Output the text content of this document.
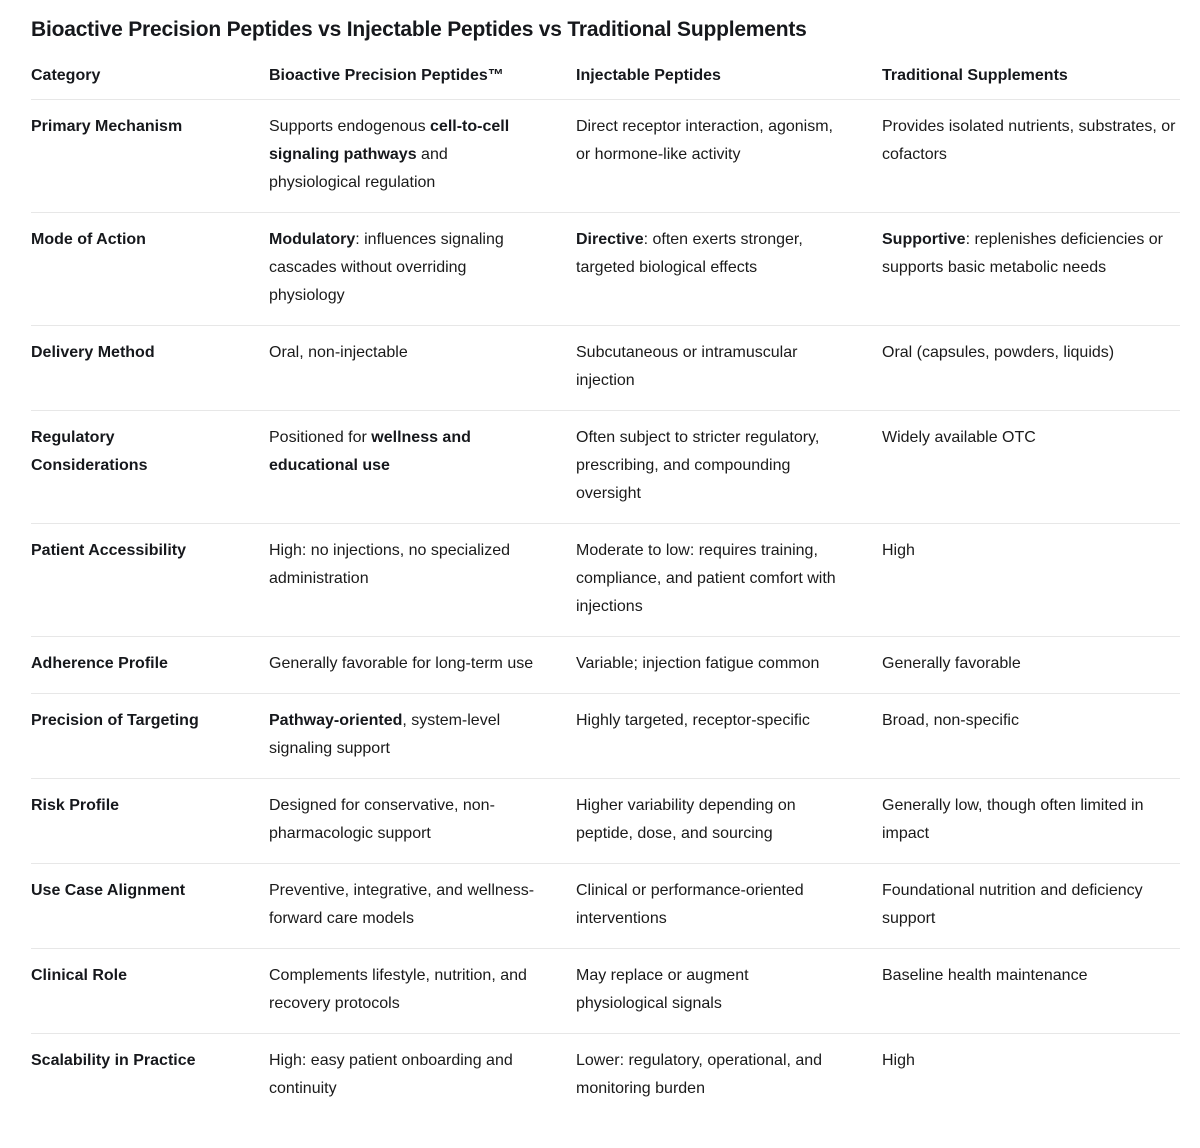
Bioactive Precision Peptides vs Injectable Peptides vs Traditional Supplements
Category	Bioactive Precision Peptides™	Injectable Peptides	Traditional Supplements
Primary Mechanism	Supports endogenous cell-to-cell signaling pathways and physiological regulation	Direct receptor interaction, agonism, or hormone-like activity	Provides isolated nutrients, substrates, or cofactors
Mode of Action	Modulatory: influences signaling cascades without overriding physiology	Directive: often exerts stronger, targeted biological effects	Supportive: replenishes deficiencies or supports basic metabolic needs
Delivery Method	Oral, non-injectable	Subcutaneous or intramuscular injection	Oral (capsules, powders, liquids)
Regulatory Considerations	Positioned for wellness and educational use	Often subject to stricter regulatory, prescribing, and compounding oversight	Widely available OTC
Patient Accessibility	High: no injections, no specialized administration	Moderate to low: requires training, compliance, and patient comfort with injections	High
Adherence Profile	Generally favorable for long-term use	Variable; injection fatigue common	Generally favorable
Precision of Targeting	Pathway-oriented, system-level signaling support	Highly targeted, receptor-specific	Broad, non-specific
Risk Profile	Designed for conservative, non-pharmacologic support	Higher variability depending on peptide, dose, and sourcing	Generally low, though often limited in impact
Use Case Alignment	Preventive, integrative, and wellness-forward care models	Clinical or performance-oriented interventions	Foundational nutrition and deficiency support
Clinical Role	Complements lifestyle, nutrition, and recovery protocols	May replace or augment physiological signals	Baseline health maintenance
Scalability in Practice	High: easy patient onboarding and continuity	Lower: regulatory, operational, and monitoring burden	High
